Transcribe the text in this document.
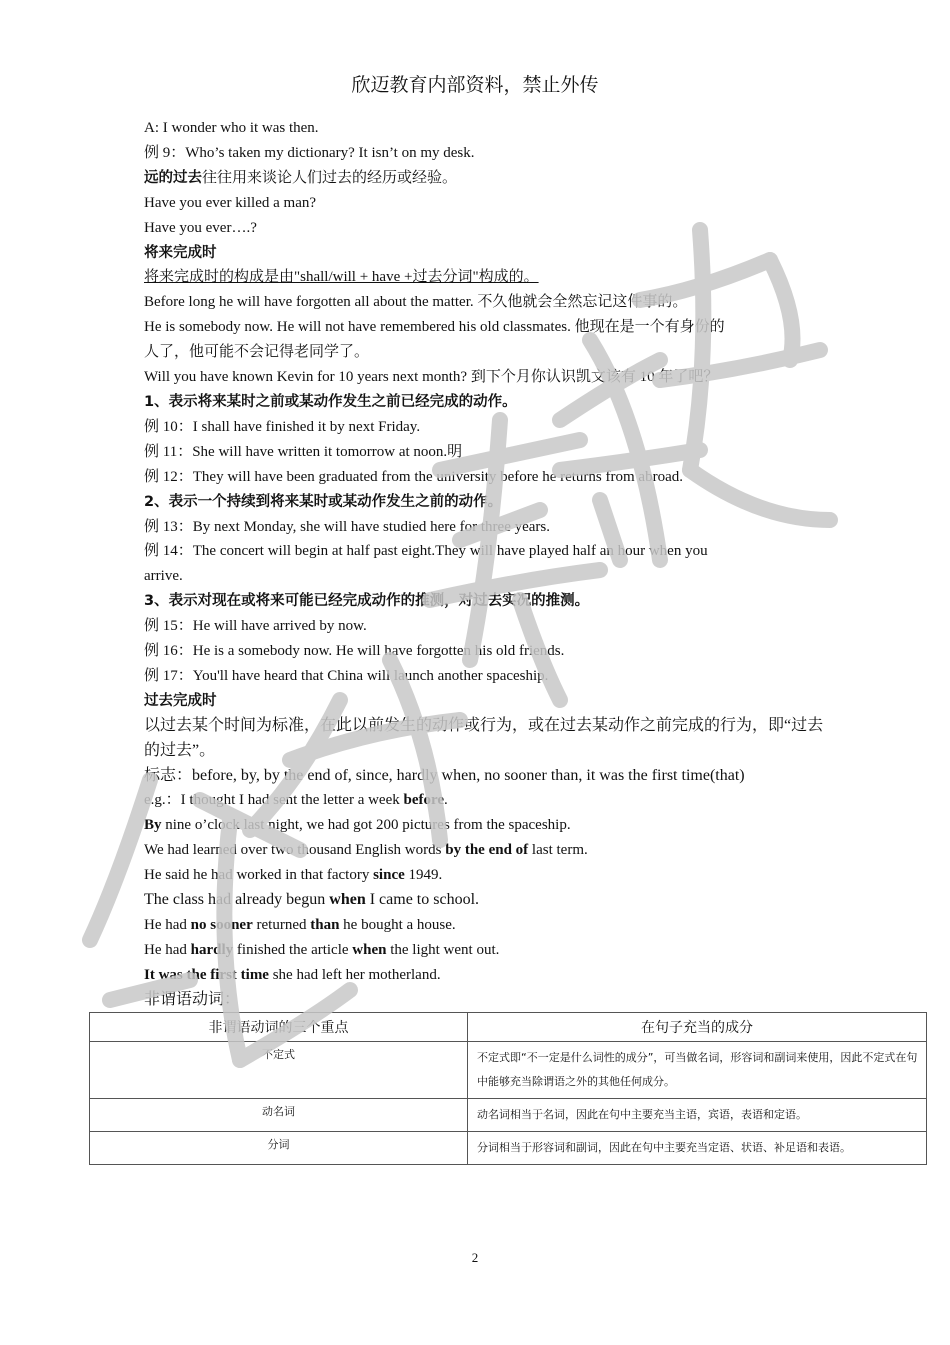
欣迈教育内部资料，禁止外传
A: I wonder who it was then.
例 9：Who’s taken my dictionary? It isn’t on my desk.
远的过去往往用来谈论人们过去的经历或经验。
Have you ever killed a man?
Have you ever….?
将来完成时
将来完成时的构成是由"shall/will + have +过去分词"构成的。
Before long he will have forgotten all about the matter. 不久他就会全然忘记这件事的。
He is somebody now. He will not have remembered his old classmates. 他现在是一个有身份的
人了，他可能不会记得老同学了。
Will you have known Kevin for 10 years next month? 到下个月你认识凯文该有 10 年了吧？
1、表示将来某时之前或某动作发生之前已经完成的动作。
例 10：I shall have finished it by next Friday.
例 11：She will have written it tomorrow at noon.明
例 12：They will have been graduated from the university before he returns from abroad.
2、表示一个持续到将来某时或某动作发生之前的动作。
例 13：By next Monday, she will have studied here for three years.
例 14：The concert will begin at half past eight.They will have played half an hour when you
arrive.
3、表示对现在或将来可能已经完成动作的推测，对过去实况的推测。
例 15：He will have arrived by now.
例 16：He is a somebody now. He will have forgotten his old friends.
例 17：You'll have heard that China will launch another spaceship.
过去完成时
以过去某个时间为标准，在此以前发生的动作或行为，或在过去某动作之前完成的行为，即“过去的过去”。
标志：before, by, by the end of, since, hardly when, no sooner than, it was the first time(that)
e.g.：I thought I had sent the letter a week before.
By nine o’clock last night, we had got 200 pictures from the spaceship.
We had learned over two thousand English words by the end of last term.
He said he had worked in that factory since 1949.
The class had already begun when I came to school.
He had no sooner returned than he bought a house.
He had hardly finished the article when the light went out.
It was the first time she had left her motherland.
非谓语动词：
非谓语动词的三个重点	在句子充当的成分
不定式	不定式即“不一定是什么词性的成分”，可当做名词，形容词和副词来使用，因此不定式在句中能够充当除谓语之外的其他任何成分。
动名词	动名词相当于名词，因此在句中主要充当主语，宾语，表语和定语。
分词	分词相当于形容词和副词，因此在句中主要充当定语、状语、补足语和表语。
2
